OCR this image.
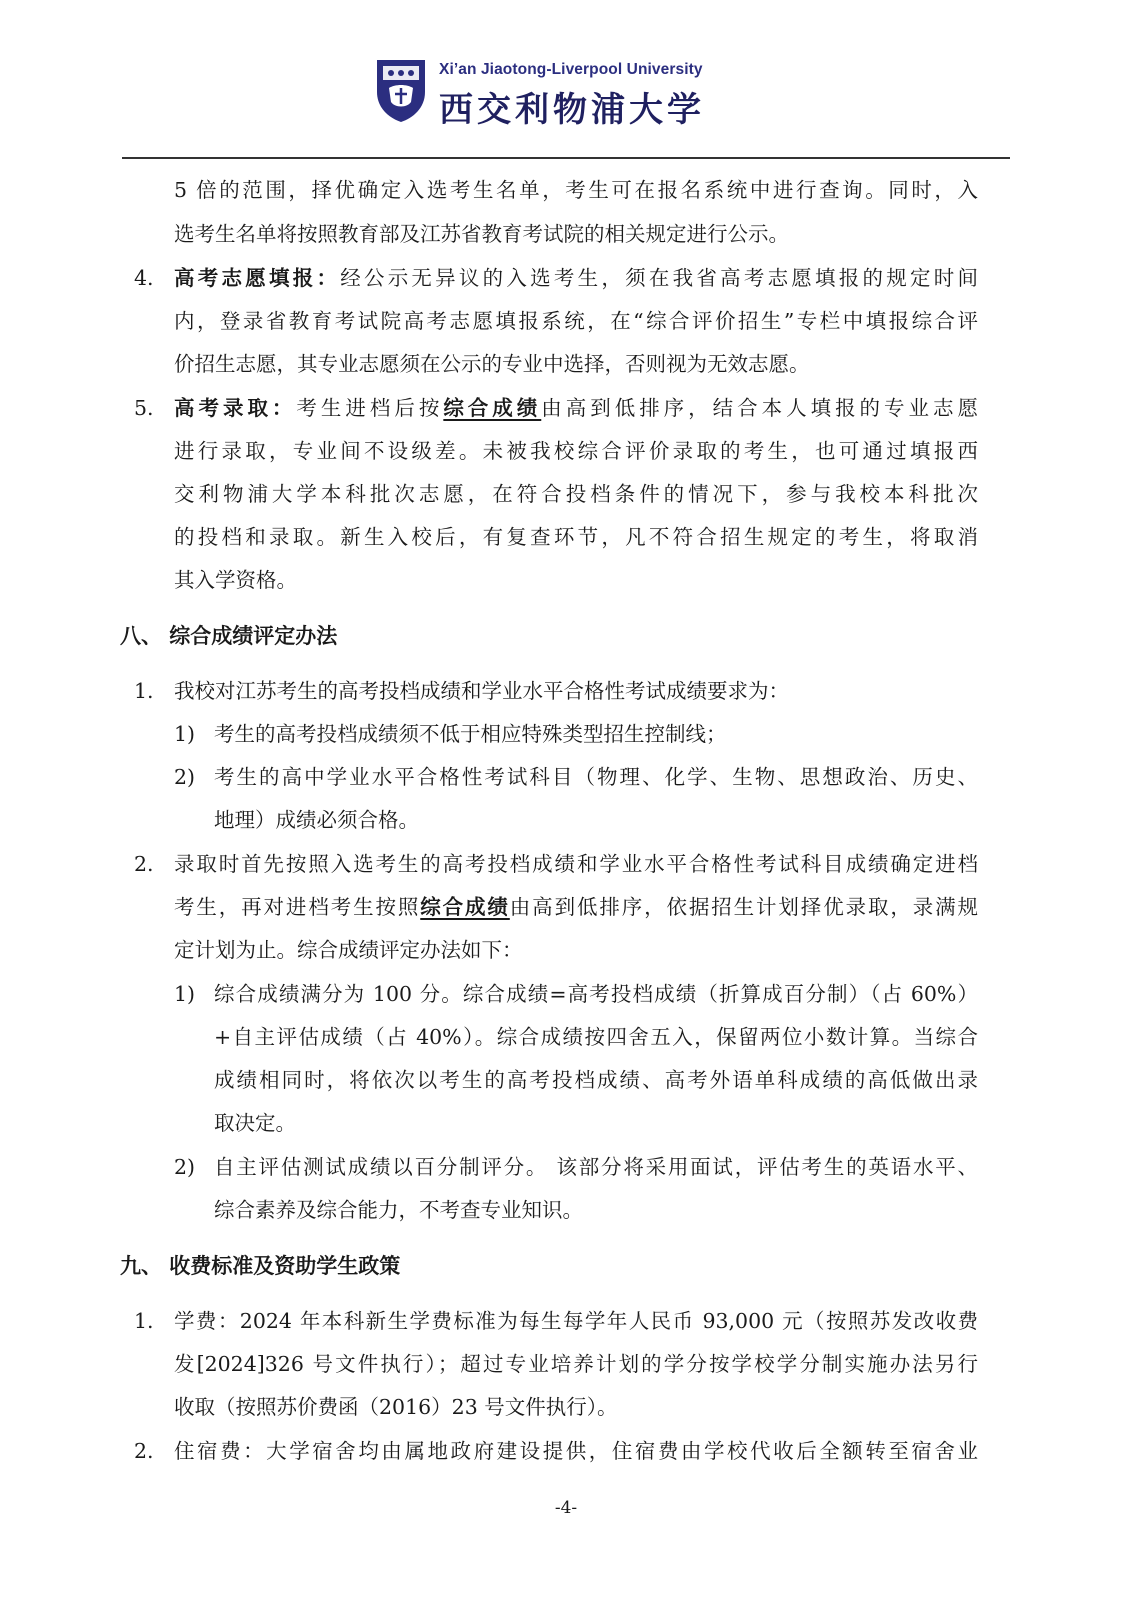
Xi’an Jiaotong-Liverpool University
西交利物浦大学
5 倍的范围，择优确定入选考生名单，考生可在报名系统中进行查询。同时，入
选考生名单将按照教育部及江苏省教育考试院的相关规定进行公示。
4. 高考志愿填报：经公示无异议的入选考生，须在我省高考志愿填报的规定时间
内，登录省教育考试院高考志愿填报系统，在“综合评价招生”专栏中填报综合评
价招生志愿，其专业志愿须在公示的专业中选择，否则视为无效志愿。
5. 高考录取：考生进档后按综合成绩由高到低排序，结合本人填报的专业志愿
进行录取，专业间不设级差。未被我校综合评价录取的考生，也可通过填报西
交利物浦大学本科批次志愿，在符合投档条件的情况下，参与我校本科批次
的投档和录取。新生入校后，有复查环节，凡不符合招生规定的考生，将取消
其入学资格。
八、 综合成绩评定办法
1. 我校对江苏考生的高考投档成绩和学业水平合格性考试成绩要求为：
1) 考生的高考投档成绩须不低于相应特殊类型招生控制线；
2) 考生的高中学业水平合格性考试科目（物理、化学、生物、思想政治、历史、
地理）成绩必须合格。
2. 录取时首先按照入选考生的高考投档成绩和学业水平合格性考试科目成绩确定进档
考生，再对进档考生按照综合成绩由高到低排序，依据招生计划择优录取，录满规
定计划为止。综合成绩评定办法如下：
1) 综合成绩满分为 100 分。综合成绩=高考投档成绩（折算成百分制）（占 60%）
+自主评估成绩（占 40%）。综合成绩按四舍五入，保留两位小数计算。当综合
成绩相同时，将依次以考生的高考投档成绩、高考外语单科成绩的高低做出录
取决定。
2) 自主评估测试成绩以百分制评分。 该部分将采用面试，评估考生的英语水平、
综合素养及综合能力，不考查专业知识。
九、 收费标准及资助学生政策
1. 学费：2024 年本科新生学费标准为每生每学年人民币 93,000 元（按照苏发改收费
发[2024]326 号文件执行）；超过专业培养计划的学分按学校学分制实施办法另行
收取（按照苏价费函（2016）23 号文件执行）。
2. 住宿费：大学宿舍均由属地政府建设提供，住宿费由学校代收后全额转至宿舍业
-4-
